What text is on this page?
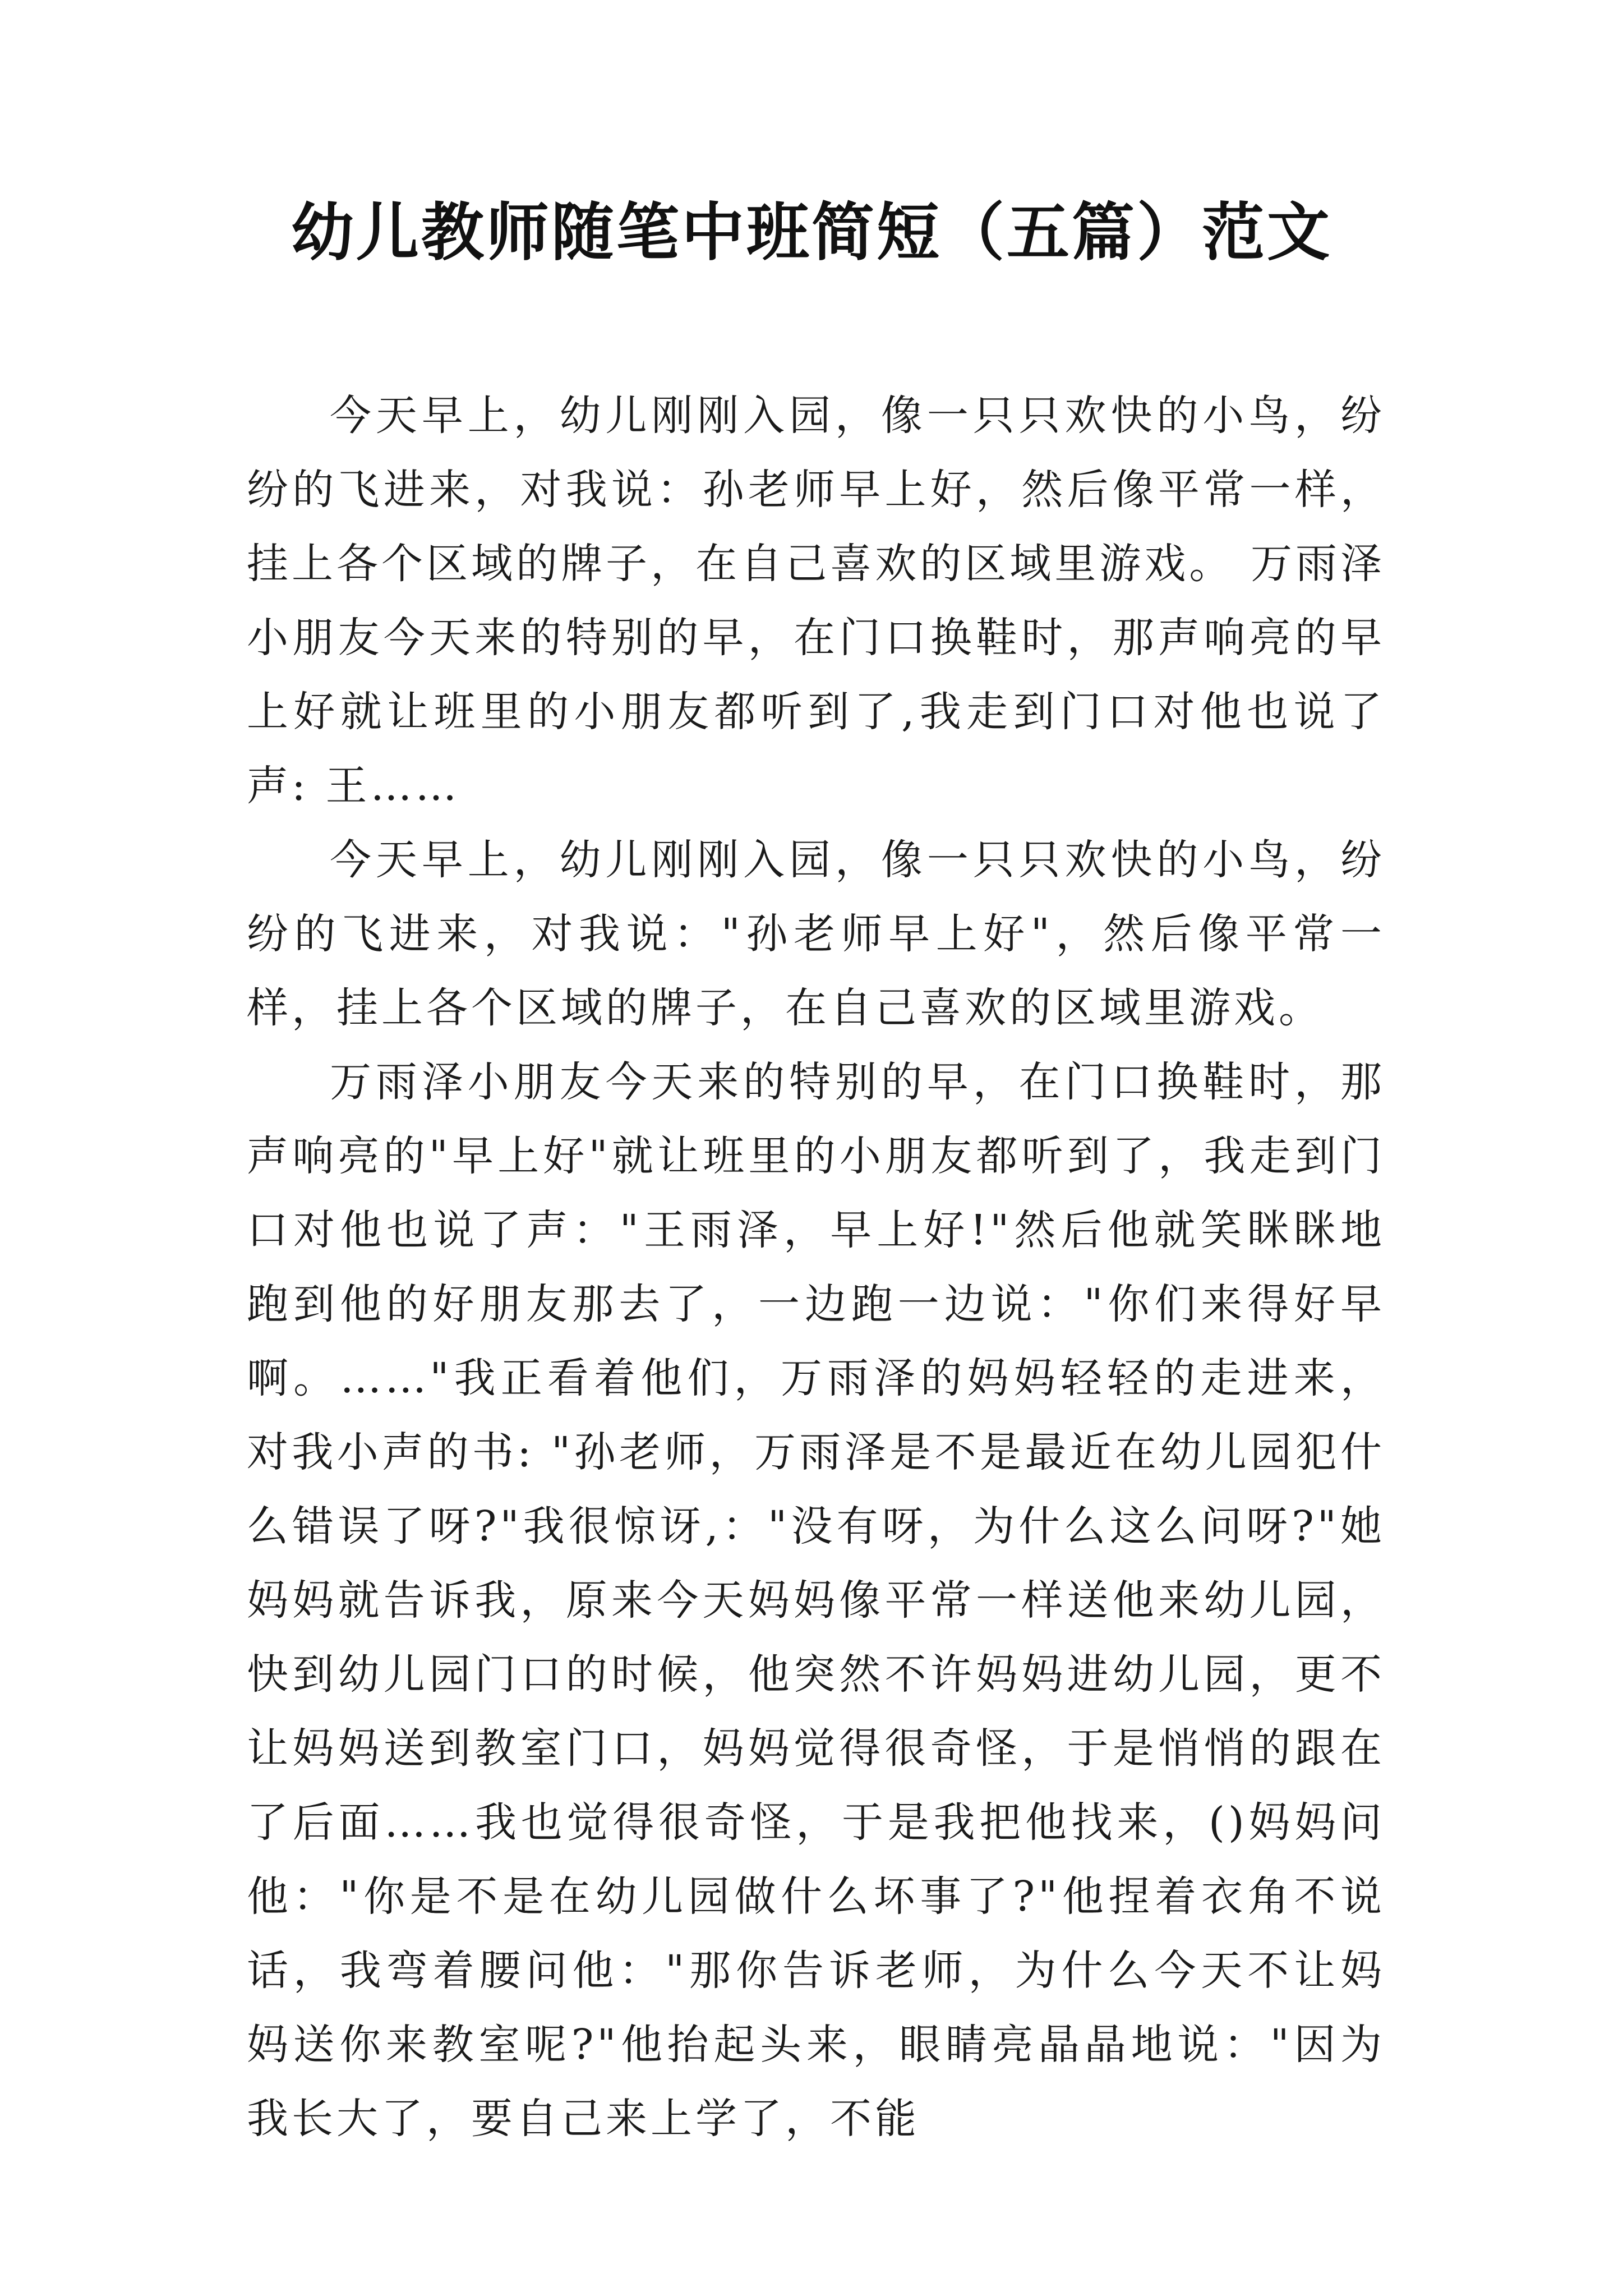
幼儿教师随笔中班简短（五篇）范文

今天早上，幼儿刚刚入园，像一只只欢快的小鸟，纷纷的飞进来，对我说：孙老师早上好，然后像平常一样，挂上各个区域的牌子，在自己喜欢的区域里游戏。 万雨泽小朋友今天来的特别的早，在门口换鞋时，那声响亮的早上好就让班里的小朋友都听到了,我走到门口对他也说了声: 王……

今天早上，幼儿刚刚入园，像一只只欢快的小鸟，纷纷的飞进来，对我说："孙老师早上好"，然后像平常一样，挂上各个区域的牌子，在自己喜欢的区域里游戏。

万雨泽小朋友今天来的特别的早，在门口换鞋时，那声响亮的"早上好"就让班里的小朋友都听到了，我走到门口对他也说了声："王雨泽，早上好!"然后他就笑眯眯地跑到他的好朋友那去了，一边跑一边说："你们来得好早啊。……"我正看着他们，万雨泽的妈妈轻轻的走进来，对我小声的书: "孙老师，万雨泽是不是最近在幼儿园犯什么错误了呀?"我很惊讶,："没有呀，为什么这么问呀?"她妈妈就告诉我，原来今天妈妈像平常一样送他来幼儿园，快到幼儿园门口的时候，他突然不许妈妈进幼儿园，更不让妈妈送到教室门口，妈妈觉得很奇怪，于是悄悄的跟在了后面……我也觉得很奇怪，于是我把他找来，()妈妈问他："你是不是在幼儿园做什么坏事了?"他捏着衣角不说话，我弯着腰问他："那你告诉老师，为什么今天不让妈妈送你来教室呢?"他抬起头来，眼睛亮晶晶地说："因为我长大了，要自己来上学了，不能
